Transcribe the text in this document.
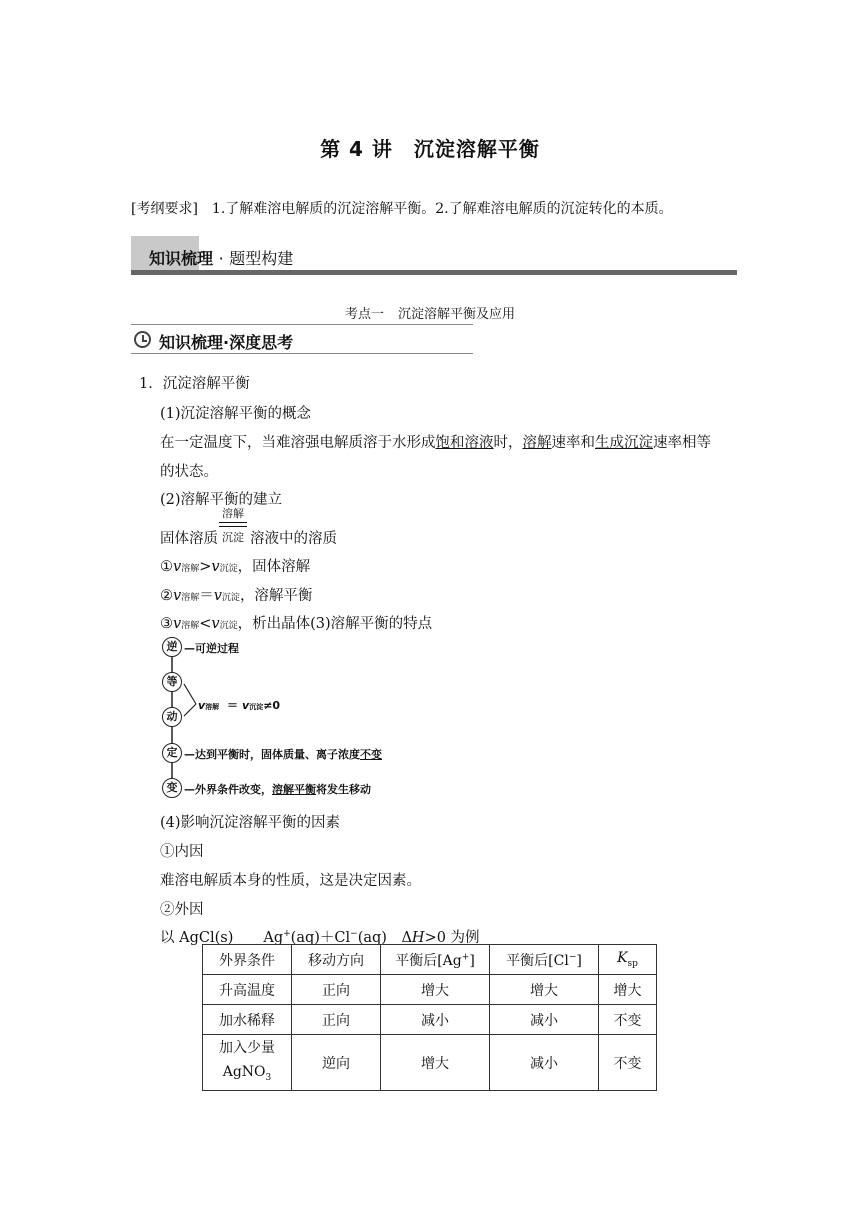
第 4 讲　沉淀溶解平衡
[考纲要求]　1.了解难溶电解质的沉淀溶解平衡。2.了解难溶电解质的沉淀转化的本质。
知识梳理 · 题型构建
考点一 沉淀溶解平衡及应用
知识梳理·深度思考
1．沉淀溶解平衡
(1)沉淀溶解平衡的概念
在一定温度下，当难溶强电解质溶于水形成饱和溶液时，溶解速率和生成沉淀速率相等
的状态。
(2)溶解平衡的建立
溶解
沉淀
固体溶质 溶液中的溶质
①v溶解>v沉淀，固体溶解
②v溶解＝v沉淀，溶解平衡
③v溶解<v沉淀，析出晶体(3)溶解平衡的特点
逆 —可逆过程
等
动
v溶解 ＝ v沉淀≠0
定 —达到平衡时，固体质量、离子浓度不变
变 —外界条件改变，溶解平衡将发生移动
(4)影响沉淀溶解平衡的因素
①内因
难溶电解质本身的性质，这是决定因素。
②外因
以 AgCl(s) Ag+(aq)＋Cl−(aq)　ΔH>0 为例
外界条件	移动方向	平衡后[Ag+]	平衡后[Cl−]	$K_{sp}$
升高温度	正向	增大	增大	增大
加水稀释	正向	减小	减小	不变

加入少量
AgNO$_3$	逆向	增大	减小	不变
